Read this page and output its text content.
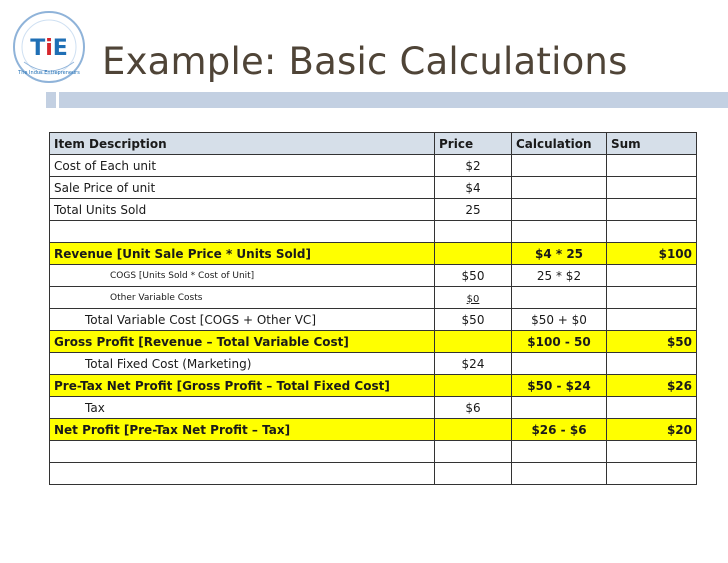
TiE
The Indus Entrepreneurs Example: Basic Calculations
Item Description	Price	Calculation	Sum
Cost of Each unit	$2		
Sale Price of unit	$4		
Total Units Sold	25		

Revenue [Unit Sale Price * Units Sold]		$4 * 25	$100
COGS [Units Sold * Cost of Unit]	$50	25 * $2	
Other Variable Costs	$0		
Total Variable Cost [COGS + Other VC]	$50	$50 + $0	
Gross Profit [Revenue – Total Variable Cost]		$100 - 50	$50
Total Fixed Cost (Marketing)	$24		
Pre-Tax Net Profit [Gross Profit – Total Fixed Cost]		$50 - $24	$26
Tax	$6		
Net Profit [Pre-Tax Net Profit – Tax]		$26 - $6	$20
